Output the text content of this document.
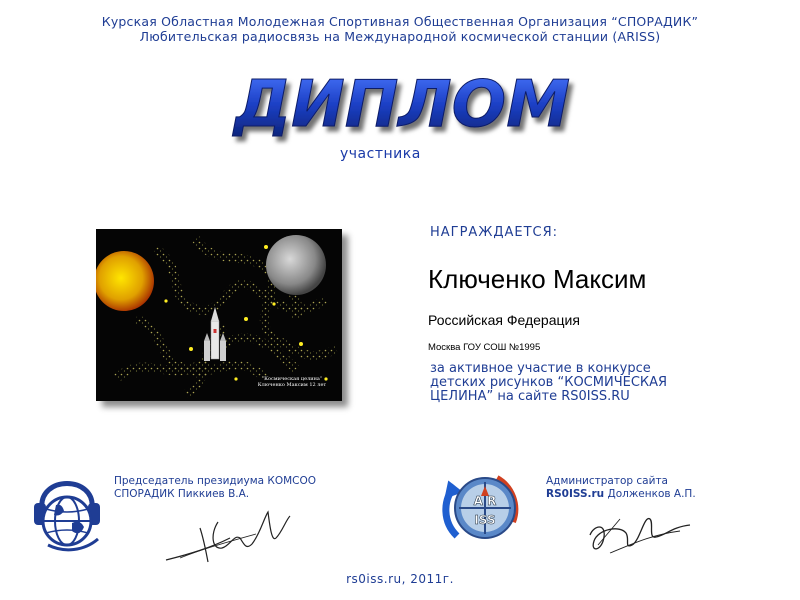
Курская Областная Молодежная Спортивная Общественная Организация “СПОРАДИК”
Любительская радиосвязь на Международной космической станции (ARISS)
ДИПЛОМ
участника
“Космическая целина”
Ключенко Максим 12 лет
НАГРАЖДАЕТСЯ:
Ключенко Максим
Российская Федерация
Москва ГОУ СОШ №1995
за активное участие в конкурсе
детских рисунков “КОСМИЧЕСКАЯ
ЦЕЛИНА” на сайте RS0ISS.RU
A R
ISS
Председатель президиума КОМСОО
СПОРАДИК Пиккиев В.А.
Администратор сайта
RS0ISS.ru Долженков А.П.
rs0iss.ru, 2011г.
